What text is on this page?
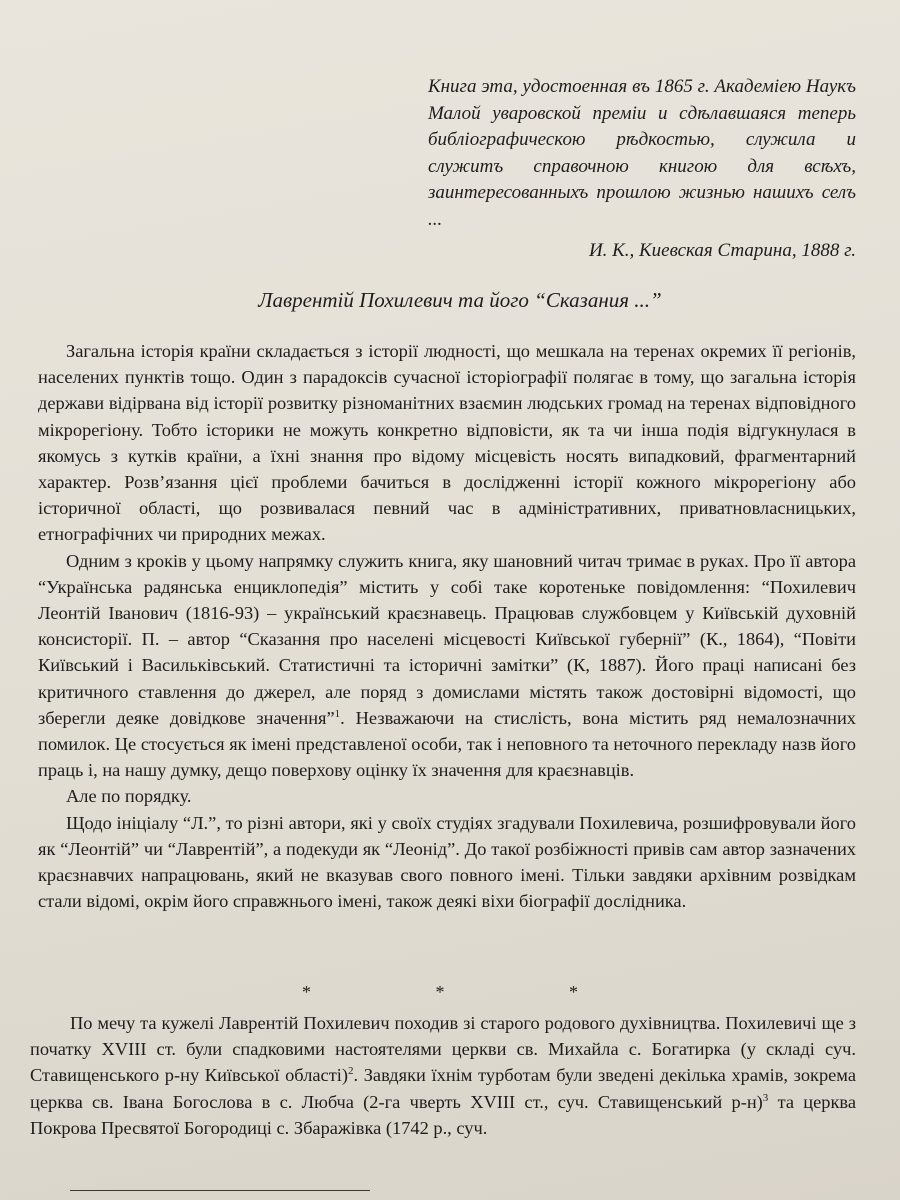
Книга эта, удостоенная въ 1865 г. Академiею Наукъ Малой уваровской премiи и сдѣлавшаяся теперь библiографическою рѣдкостью, служила и служитъ справочною книгою для всѣхъ, заинтересованныхъ прошлою жизнью нашихъ селъ ...
И. К., Киевская Старина, 1888 г.
Лаврентій Похилевич та його “Сказания ...”

Загальна історія країни складається з історії людності, що мешкала на теренах окремих її регіонів, населених пунктів тощо. Один з парадоксів сучасної історіографії полягає в тому, що загальна історія держави відірвана від історії розвитку різноманітних взаємин людських громад на теренах відповідного мікрорегіону. Тобто історики не можуть конкретно відповісти, як та чи інша подія відгукнулася в якомусь з кутків країни, а їхні знання про відому місцевість носять випадковий, фрагментарний характер. Розв’язання цієї проблеми бачиться в дослідженні історії кожного мікрорегіону або історичної області, що розвивалася певний час в адміністративних, приватновласницьких, етнографічних чи природних межах.

Одним з кроків у цьому напрямку служить книга, яку шановний читач тримає в руках. Про її автора “Українська радянська енциклопедія” містить у собі таке коротеньке повідомлення: “Похилевич Леонтій Іванович (1816-93) – український краєзнавець. Працював службовцем у Київській духовній консисторії. П. – автор “Сказання про населені місцевості Київської губернії” (К., 1864), “Повіти Київський і Васильківський. Статистичні та історичні замітки” (К, 1887). Його праці написані без критичного ставлення до джерел, але поряд з домислами містять також достовірні відомості, що зберегли деяке довідкове значення”$^1$. Незважаючи на стислість, вона містить ряд немалозначних помилок. Це стосується як імені представленої особи, так і неповного та неточного перекладу назв його праць і, на нашу думку, дещо поверхову оцінку їх значення для краєзнавців.

Але по порядку.

Щодо ініціалу “Л.”, то різні автори, які у своїх студіях згадували Похилевича, розшифровували його як “Леонтій” чи “Лаврентій”, а подекуди як “Леонід”. До такої розбіжності привів сам автор зазначених краєзнавчих напрацювань, який не вказував свого повного імені. Тільки завдяки архівним розвідкам стали відомі, окрім його справжнього імені, також деякі віхи біографії дослідника.

* * *

По мечу та кужелі Лаврентій Похилевич походив зі старого родового духівництва. Похилевичі ще з початку XVIII ст. були спадковими настоятелями церкви св. Михайла с. Богатирка (у складі суч. Ставищенського р-ну Київської області)$^2$. Завдяки їхнім турботам були зведені декілька храмів, зокрема церква св. Івана Богослова в с. Любча (2-га чверть XVIII ст., суч. Ставищенський р-н)$^3$ та церква Покрова Пресвятої Богородиці с. Збаражівка (1742 р., суч.
